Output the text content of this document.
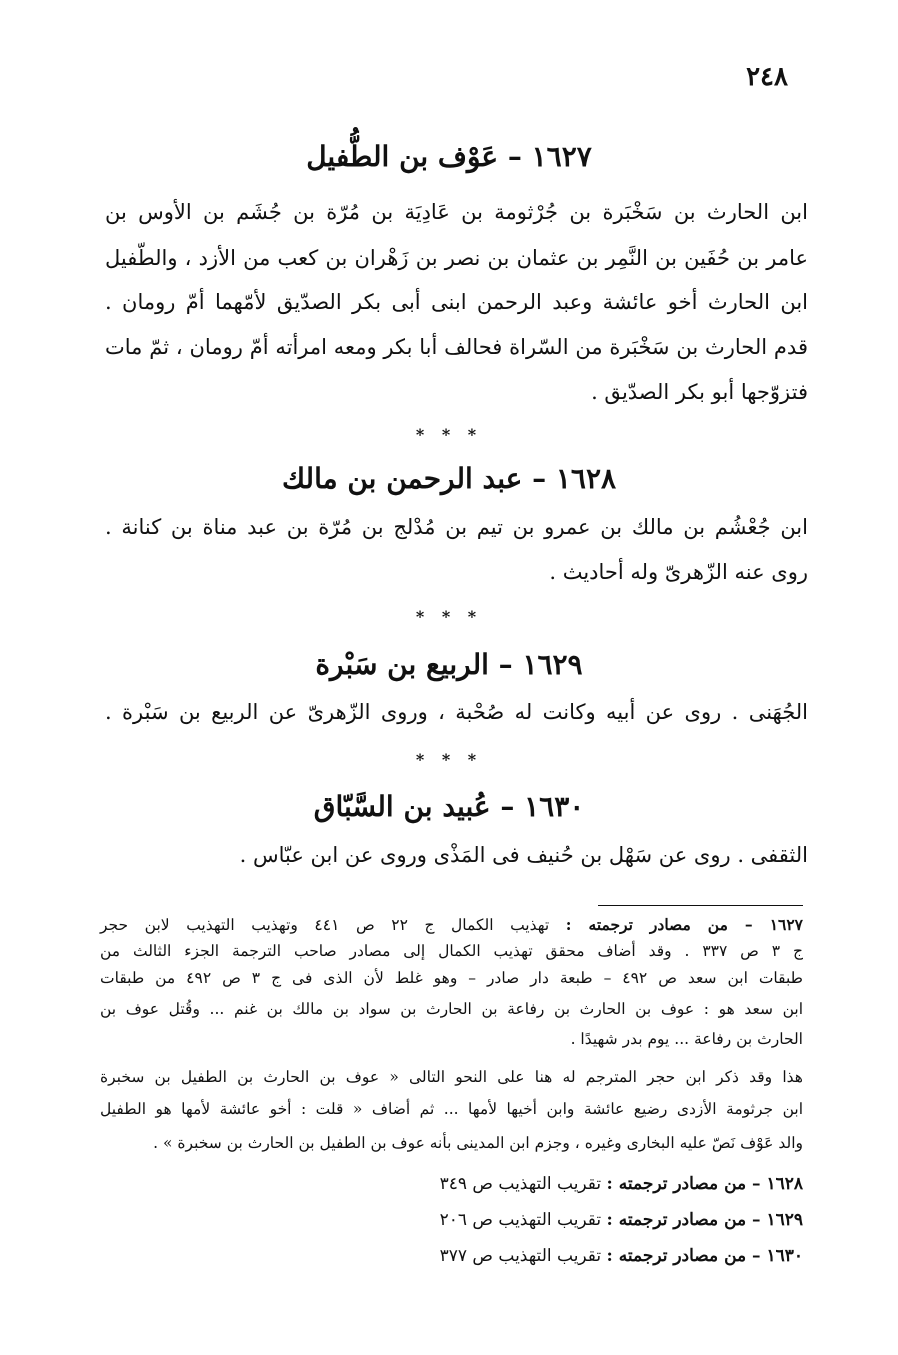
٢٤٨
١٦٢٧ – عَوْف بن الطُّفيل
ابن الحارث بن سَخْبَرة بن جُرْثومة بن عَادِيَة بن مُرّة بن جُشَم بن الأوس بن
عامر بن حُفَين بن النَّمِر بن عثمان بن نصر بن زَهْران بن كعب من الأزد ، والطّفيل
ابن الحارث أخو عائشة وعبد الرحمن ابنى أبى بكر الصدّيق لأمّهما أمّ رومان .
قدم الحارث بن سَخْبَرة من السّراة فحالف أبا بكر ومعه امرأته أمّ رومان ، ثمّ مات
فتزوّجها أبو بكر الصدّيق .
* * *
١٦٢٨ – عبد الرحمن بن مالك
ابن جُعْشُم بن مالك بن عمرو بن تيم بن مُدْلج بن مُرّة بن عبد مناة بن كنانة .
روى عنه الزّهرىّ وله أحاديث .
* * *
١٦٢٩ – الربيع بن سَبْرة
الجُهَنى . روى عن أبيه وكانت له صُحْبة ، وروى الزّهرىّ عن الربيع بن سَبْرة .
* * *
١٦٣٠ – عُبيد بن السَّبّاق
الثقفى . روى عن سَهْل بن حُنيف فى المَذْى وروى عن ابن عبّاس .
١٦٢٧ – من مصادر ترجمته : تهذيب الكمال ج ٢٢ ص ٤٤١ وتهذيب التهذيب لابن حجر
ج ٣ ص ٣٣٧ . وقد أضاف محقق تهذيب الكمال إلى مصادر صاحب الترجمة الجزء الثالث من
طبقات ابن سعد ص ٤٩٢ – طبعة دار صادر – وهو غلط لأن الذى فى ج ٣ ص ٤٩٢ من طبقات
ابن سعد هو : عوف بن الحارث بن رفاعة بن الحارث بن سواد بن مالك بن غنم ... وقُتل عوف بن
الحارث بن رفاعة ... يوم بدر شهيدًا .
هذا وقد ذكر ابن حجر المترجم له هنا على النحو التالى « عوف بن الحارث بن الطفيل بن سخبرة
ابن جرثومة الأزدى رضيع عائشة وابن أخيها لأمها ... ثم أضاف « قلت : أخو عائشة لأمها هو الطفيل
والد عَوْف نَصّ عليه البخارى وغيره ، وجزم ابن المدينى بأنه عوف بن الطفيل بن الحارث بن سخبرة » .
١٦٢٨ – من مصادر ترجمته : تقريب التهذيب ص ٣٤٩
١٦٢٩ – من مصادر ترجمته : تقريب التهذيب ص ٢٠٦
١٦٣٠ – من مصادر ترجمته : تقريب التهذيب ص ٣٧٧
